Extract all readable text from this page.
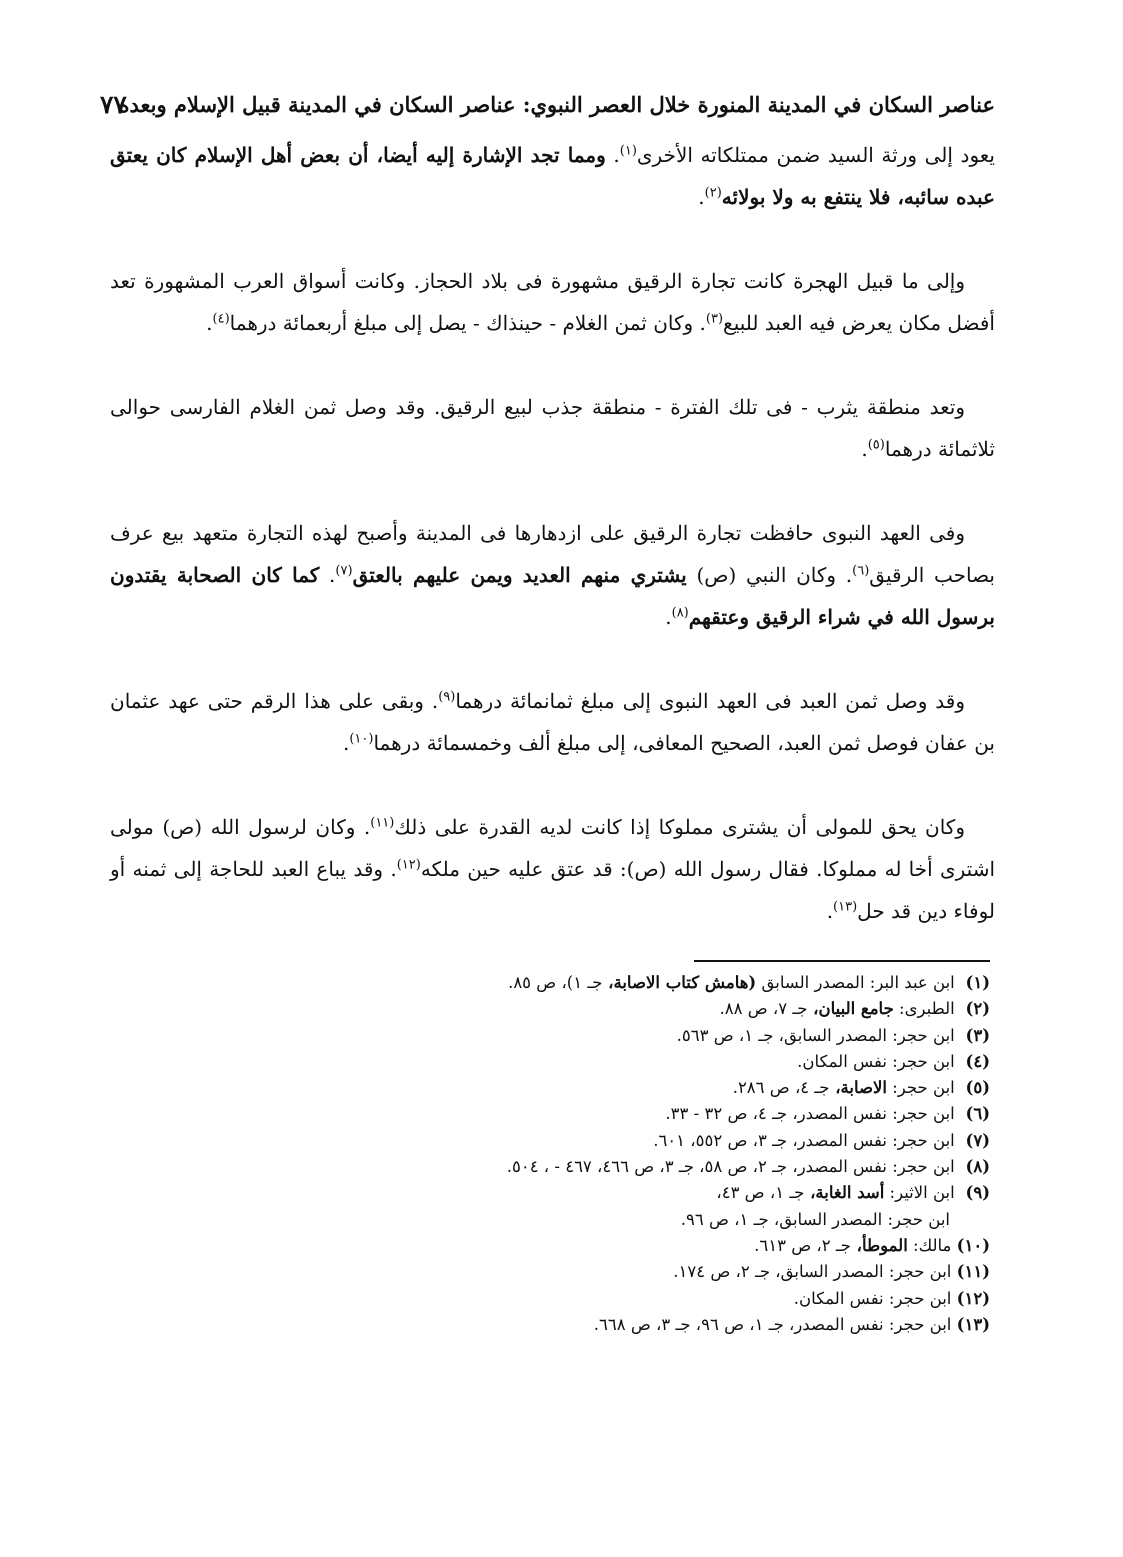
عناصر السكان في المدينة المنورة خلال العصر النبوي: عناصر السكان في المدينة قبيل الإسلام وبعده
٧٧

يعود إلى ورثة السيد ضمن ممتلكاته الأخرى$^{(١)}$. ومما تجد الإشارة إليه أيضا، أن بعض أهل الإسلام كان يعتق عبده سائبه، فلا ينتفع به ولا بولائه$^{(٢)}$.

وإلى ما قبيل الهجرة كانت تجارة الرقيق مشهورة فى بلاد الحجاز. وكانت أسواق العرب المشهورة تعد أفضل مكان يعرض فيه العبد للبيع$^{(٣)}$. وكان ثمن الغلام - حينذاك - يصل إلى مبلغ أربعمائة درهما$^{(٤)}$.

وتعد منطقة يثرب - فى تلك الفترة - منطقة جذب لبيع الرقيق. وقد وصل ثمن الغلام الفارسى حوالى ثلاثمائة درهما$^{(٥)}$.

وفى العهد النبوى حافظت تجارة الرقيق على ازدهارها فى المدينة وأصبح لهذه التجارة متعهد بيع عرف بصاحب الرقيق$^{(٦)}$. وكان النبي (ص) يشتري منهم العديد ويمن عليهم بالعتق$^{(٧)}$. كما كان الصحابة يقتدون برسول الله في شراء الرقيق وعتقهم$^{(٨)}$.

وقد وصل ثمن العبد فى العهد النبوى إلى مبلغ ثمانمائة درهما$^{(٩)}$. وبقى على هذا الرقم حتى عهد عثمان بن عفان فوصل ثمن العبد، الصحيح المعافى، إلى مبلغ ألف وخمسمائة درهما$^{(١٠)}$.

وكان يحق للمولى أن يشترى مملوكا إذا كانت لديه القدرة على ذلك$^{(١١)}$. وكان لرسول الله (ص) مولى اشترى أخا له مملوكا. فقال رسول الله (ص): قد عتق عليه حين ملكه$^{(١٢)}$. وقد يباع العبد للحاجة إلى ثمنه أو لوفاء دين قد حل$^{(١٣)}$.

(١) ابن عبد البر: المصدر السابق (هامش كتاب الاصابة، جـ ١)، ص ٨٥.
(٢) الطبرى: جامع البيان، جـ ٧، ص ٨٨.
(٣) ابن حجر: المصدر السابق، جـ ١، ص ٥٦٣.
(٤) ابن حجر: نفس المكان.
(٥) ابن حجر: الاصابة، جـ ٤، ص ٢٨٦.
(٦) ابن حجر: نفس المصدر، جـ ٤، ص ٣٢ - ٣٣.
(٧) ابن حجر: نفس المصدر، جـ ٣، ص ٥٥٢، ٦٠١.
(٨) ابن حجر: نفس المصدر، جـ ٢، ص ٥٨، جـ ٣، ص ٤٦٦، ٤٦٧ - ، ٥٠٤.
(٩) ابن الاثير: أسد الغابة، جـ ١، ص ٤٣،
ابن حجر: المصدر السابق، جـ ١، ص ٩٦.
(١٠) مالك: الموطأ، جـ ٢، ص ٦١٣.
(١١) ابن حجر: المصدر السابق، جـ ٢، ص ١٧٤.
(١٢) ابن حجر: نفس المكان.
(١٣) ابن حجر: نفس المصدر، جـ ١، ص ٩٦، جـ ٣، ص ٦٦٨.
